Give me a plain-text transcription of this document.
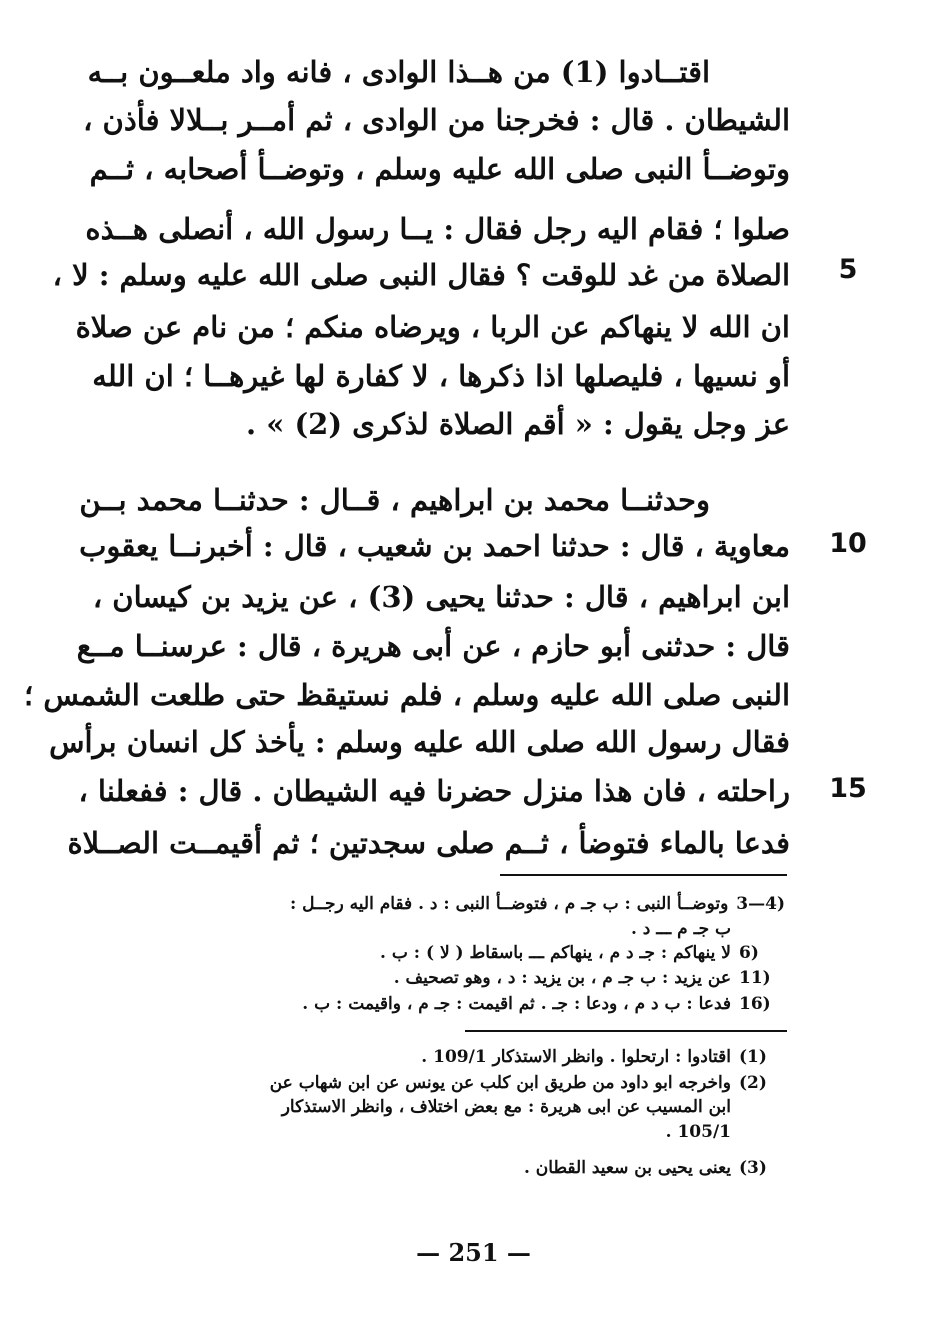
اقتــادوا (1) من هــذا الوادى ، فانه واد ملعــون بــه
الشيطان . قال : فخرجنا من الوادى ، ثم أمــر بــلالا فأذن ،
وتوضــأ النبى صلى الله عليه وسلم ، وتوضــأ أصحابه ، ثــم
صلوا ؛ فقام اليه رجل فقال : يــا رسول الله ، أنصلى هــذه
الصلاة من غد للوقت ؟ فقال النبى صلى الله عليه وسلم : لا ،
ان الله لا ينهاكم عن الربا ، ويرضاه منكم ؛ من نام عن صلاة
أو نسيها ، فليصلها اذا ذكرها ، لا كفارة لها غيرهــا ؛ ان الله
عز وجل يقول : « أقم الصلاة لذكرى (2) » .
وحدثنــا محمد بن ابراهيم ، قــال : حدثنــا محمد بــن
معاوية ، قال : حدثنا احمد بن شعيب ، قال : أخبرنــا يعقوب
ابن ابراهيم ، قال : حدثنا يحيى (3) ، عن يزيد بن كيسان ،
قال : حدثنى أبو حازم ، عن أبى هريرة ، قال : عرسنــا مــع
النبى صلى الله عليه وسلم ، فلم نستيقظ حتى طلعت الشمس ؛
فقال رسول الله صلى الله عليه وسلم : يأخذ كل انسان برأس
راحلته ، فان هذا منزل حضرنا فيه الشيطان . قال : ففعلنا ،
فدعا بالماء فتوضأ ، ثــم صلى سجدتين ؛ ثم أقيمــت الصــلاة
5
10
15
3—4)وتوضــأ النبى : ب جـ م ، فتوضــأ النبى : د . فقام اليه رجــل :
ب جـ م ـــ د .
6)لا ينهاكم : جـ د م ، ينهاكم ـــ باسقاط ( لا ) : ب .
11)عن يزيد : ب جـ م ، بن يزيد : د ، وهو تصحيف .
16)فدعا : ب د م ، ودعا : جـ . ثم اقيمت : جـ م ، واقيمت : ب .
(1)اقتادوا : ارتحلوا . وانظر الاستذكار 109/1 .
(2)واخرجه ابو داود من طريق ابن كلب عن يونس عن ابن شهاب عن
ابن المسيب عن ابى هريرة : مع بعض اختلاف ، وانظر الاستذكار
105/1 .
(3)يعنى يحيى بن سعيد القطان .
— 251 —
